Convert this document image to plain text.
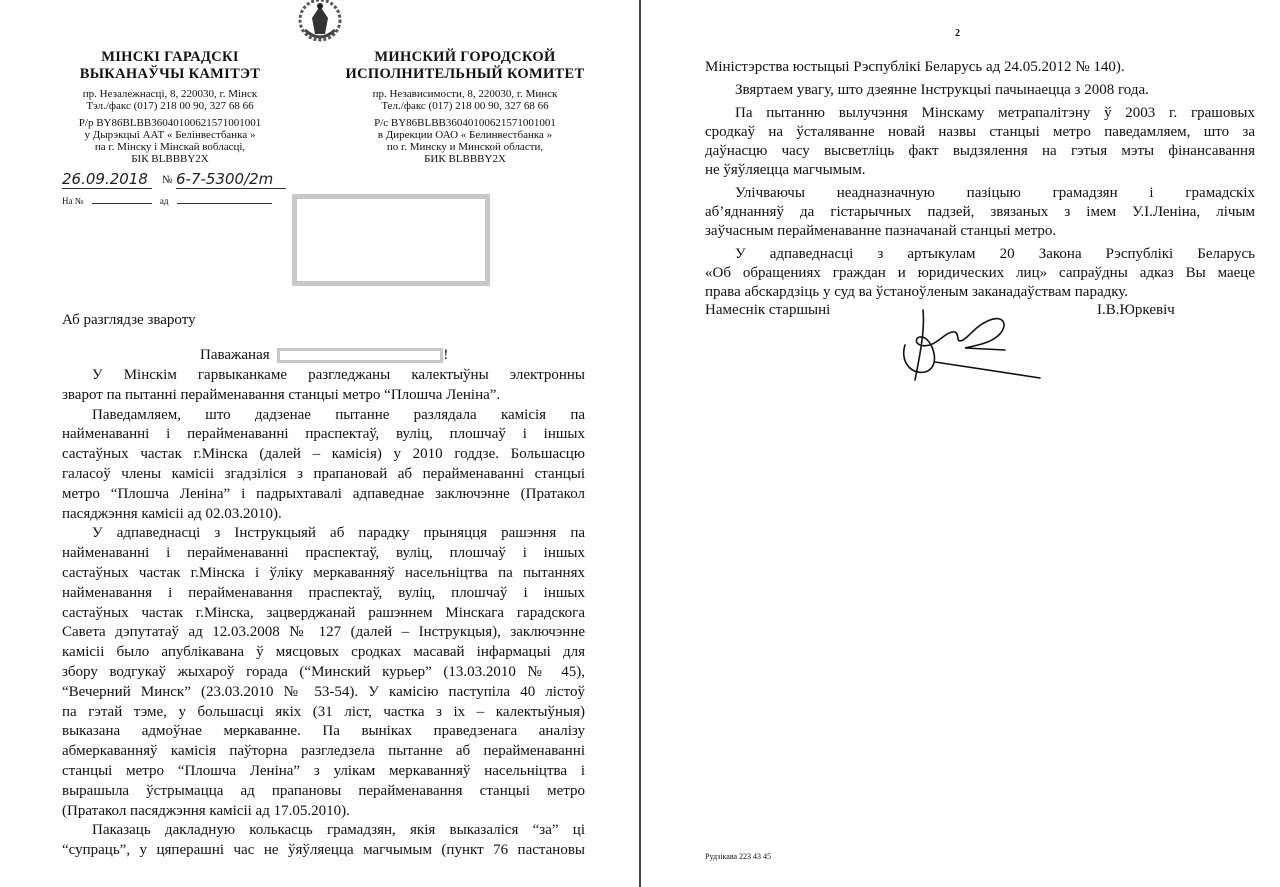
МІНСКІ ГАРАДСКІ
ВЫКАНАЎЧЫ КАМІТЭТ
пр. Незалежнасці, 8, 220030, г. Мінск
Тэл./факс (017) 218 00 90, 327 68 66
Р/р BY86BLBB36040100621571001001
у Дырэкцыі ААТ « Белінвестбанка »
па г. Мінску і Мінскай вобласці,
БІК BLBBBY2X
МИНСКИЙ ГОРОДСКОЙ
ИСПОЛНИТЕЛЬНЫЙ КОМИТЕТ
пр. Независимости, 8, 220030, г. Минск
Тел./факс (017) 218 00 90, 327 68 66
Р/с BY86BLBB36040100621571001001
в Дирекции ОАО « Белинвестбанка »
по г. Минску и Минской области,
БИК BLBBBY2X
26.09.2018	№ 6-7-5300/2m
На №	ад
Аб разглядзе звароту
Паважаная	!
У Мінскім гарвыканкаме разгледжаны калектыўны электронны
зварот па пытанні перайменавання станцыі метро “Плошча Леніна”.
Паведамляем, што дадзенае пытанне разлядала камісія па
найменаванні і перайменаванні праспектаў, вуліц, плошчаў і іншых
састаўных частак г.Мінска (далей – камісія) у 2010 годдзе. Большасцю
галасоў члены камісіі згадзіліся з прапановай аб перайменаванні станцыі
метро “Плошча Леніна” і падрыхтавалі адпаведнае заключэнне (Пратакол
пасяджэння камісіі ад 02.03.2010).
У адпаведнасці з Інструкцыяй аб парадку прыняцця рашэння па
найменаванні і перайменаванні праспектаў, вуліц, плошчаў і іншых
састаўных частак г.Мінска і ўліку меркаванняў насельніцтва па пытаннях
найменавання і перайменавання праспектаў, вуліц, плошчаў і іншых
састаўных частак г.Мінска, зацверджанай рашэннем Мінскага гарадскога
Савета дэпутатаў ад 12.03.2008 № 127 (далей – Інструкцыя), заключэнне
камісіі было апублікавана ў мясцовых сродках масавай інфармацыі для
збору водгукаў жыхароў горада (“Минский курьер” (13.03.2010 № 45),
“Вечерний Минск” (23.03.2010 № 53-54). У камісію паступіла 40 лістоў
па гэтай тэме, у большасці якіх (31 ліст, частка з іх – калектыўныя)
выказана адмоўнае меркаванне. Па выніках праведзенага аналізу
абмеркаванняў камісія паўторна разгледзела пытанне аб перайменаванні
станцыі метро “Плошча Леніна” з улікам меркаванняў насельніцтва і
вырашыла ўстрымацца ад прапановы перайменавання станцыі метро
(Пратакол пасяджэння камісіі ад 17.05.2010).
Паказаць дакладную колькасць грамадзян, якія выказаліся “за” ці
“супраць”, у цяперашні час не ўяўляецца магчымым (пункт 76 пастановы
2
Міністэрства юстыцыі Рэспублікі Беларусь ад 24.05.2012 № 140).
Звяртаем увагу, што дзеянне Інструкцыі пачынаецца з 2008 года.
Па пытанню вылучэння Мінскаму метрапалітэну ў 2003 г. грашовых
сродкаў на ўсталяванне новай назвы станцыі метро паведамляем, што за
даўнасцю часу высветліць факт выдзялення на гэтыя мэты фінансавання
не ўяўляецца магчымым.
Улічваючы неадназначную пазіцыю грамадзян і грамадскіх
аб’яднанняў да гістарычных падзей, звязаных з імем У.І.Леніна, лічым
заўчасным перайменаванне пазначанай станцыі метро.
У адпаведнасці з артыкулам 20 Закона Рэспублікі Беларусь
«Об обращениях граждан и юридических лиц» сапраўдны адказ Вы маеце
права абскардзіць у суд ва ўстаноўленым заканадаўствам парадку.
Намеснік старшыні	І.В.Юркевіч
Рудзікава 223 43 45
